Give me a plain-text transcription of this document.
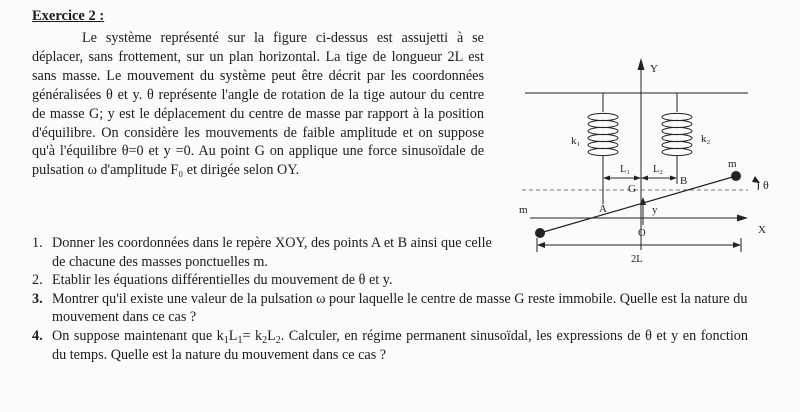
Exercice 2 :

Le système représenté sur la figure ci-dessus est assujetti à se déplacer, sans frottement, sur un plan horizontal. La tige de longueur 2L est sans masse. Le mouvement du système peut être décrit par les coordonnées généralisées θ et y. θ représente l'angle de rotation de la tige autour du centre de masse G; y est le déplacement du centre de masse par rapport à la position d'équilibre. On considère les mouvements de faible amplitude et on suppose qu'à l'équilibre θ=0 et y =0. Au point G on applique une force sinusoïdale de pulsation ω d'amplitude F₀ et dirigée selon OY.

1. Donner les coordonnées dans le repère XOY, des points A et B ainsi que celle de chacune des masses ponctuelles m.
2. Etablir les équations différentielles du mouvement de θ et y.
3. Montrer qu'il existe une valeur de la pulsation ω pour laquelle le centre de masse G reste immobile. Quelle est la nature du mouvement dans ce cas ?
4. On suppose maintenant que $k_1L_1= k_2L_2$. Calculer, en régime permanent sinusoïdal, les expressions de θ et y en fonction du temps. Quelle est la nature du mouvement dans ce cas ?
Y
X
k₁	k₂
L₁ L₂
m
m
G
B
A
θ
y
O
2L
